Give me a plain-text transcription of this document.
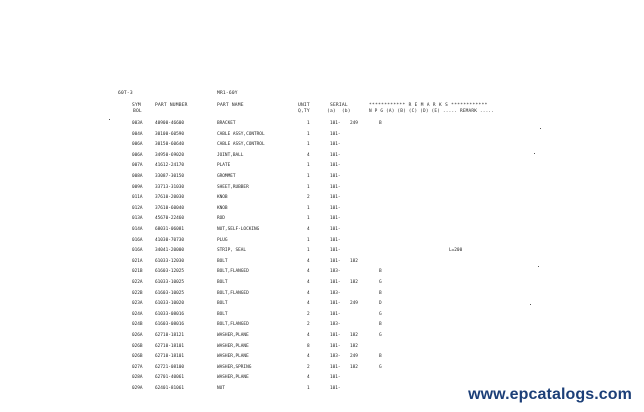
60T-3	MR1-60Y
SYM
BOL
PART NUMBER	PART NAME	UNIT
Q,TY
SERIAL
(a)  (b)
************ R E M A R K S ************
N P G (A) (B) (C) (D) (E) ..... REMARK .....
003A	40900-46600	BRACKET	1	101- 249	B
004A	30100-60590	CABLE ASSY,CONTROL	1	101-
006A	30150-60640	CABLE ASSY,CONTROL	1	101-
006A	34950-69020	JOINT,BALL	4	101-
007A	41612-24170	PLATE	1	101-
008A	33087-30150	GROMMET	1	101-
009A	33713-31030	SHEET,RUBBER	1	101-
011A	37610-20030	KNOB	2	101-
012A	37610-60040	KNOB	1	101-
013A	45670-22460	ROD	1	101-
014A	68031-06081	NUT,SELF-LOCKING	4	101-
016A	41030-70730	PLUG	1	101-
016A	34041-20000	STRIP, SEAL	1	101-	L=200
021A	61033-12030	BOLT	4	101- 182
021B	61603-12025	BOLT,FLANGED	4	183-	B
022A	61033-10025	BOLT	4	101- 182	G
022B	61603-10025	BOLT,FLANGED	4	183-	B
023A	61033-10020	BOLT	4	101- 249	D
024A	61033-08016	BOLT	2	101-	G
024B	61603-08016	BOLT,FLANGED	2	183-	B
026A	62710-18121	WASHER,PLANE	4	101- 182	G
026B	62710-18101	WASHER,PLANE	8	101- 182
026B	62710-18101	WASHER,PLANE	4	183- 249	B
027A	62721-08100	WASHER,SPRING	2	101- 182	G
028A	62701-40061	WASHER,PLANE	4	101-
029A	62401-81061	NUT	1	101-	www.epcatalogs.com
